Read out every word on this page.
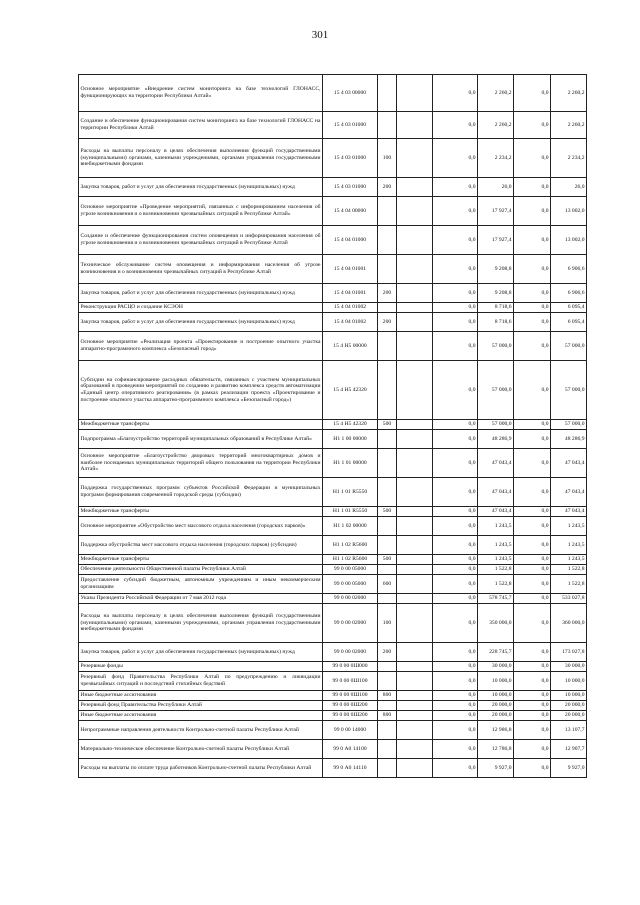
301
Основное мероприятие «Внедрение систем мониторинга на базе технологий ГЛОНАСС, функционирующих на территории Республики Алтай»	15 4 03 00000			0,0	2 260,2	0,0	2 260,2
Создание и обеспечение функционирования систем мониторинга на базе технологий ГЛОНАСС на территории Республики Алтай	15 4 03 01000			0,0	2 260,2	0,0	2 260,2
Расходы на выплаты персоналу в целях обеспечения выполнения функций государственными (муниципальными) органами, казенными учреждениями, органами управления государственными внебюджетными фондами	15 4 03 01000	100		0,0	2 234,2	0,0	2 234,2
Закупка товаров, работ и услуг для обеспечения государственных (муниципальных) нужд	15 4 03 01000	200		0,0	26,0	0,0	26,0
Основное мероприятие «Проведение мероприятий, связанных с информированием населения об угрозе возникновения и о возникновении чрезвычайных ситуаций в Республике Алтай»	15 4 04 00000			0,0	17 927,4	0,0	13 002,0
Создание и обеспечение функционирования систем оповещения и информирования населения об угрозе возникновения и о возникновении чрезвычайных ситуаций в Республике Алтай	15 4 04 01000			0,0	17 927,4	0,0	13 002,0
Техническое обслуживание систем оповещения и информирования населения об угрозе возникновения и о возникновении чрезвычайных ситуаций в Республике Алтай	15 4 04 01001			0,0	9 208,8	0,0	6 906,6
Закупка товаров, работ и услуг для обеспечения государственных (муниципальных) нужд	15 4 04 01001	200		0,0	9 208,8	0,0	6 906,6
Реконструкция РАСЦО и создание КСЭОН	15 4 04 01002			0,0	8 718,6	0,0	6 095,4
Закупка товаров, работ и услуг для обеспечения государственных (муниципальных) нужд	15 4 04 01002	200		0,0	8 718,6	0,0	6 095,4
Основное мероприятие «Реализация проекта «Проектирование и построение опытного участка аппаратно-программного комплекса «Безопасный город»	15 4 Н5 00000			0,0	57 000,0	0,0	57 000,0
Субсидии на софинансирование расходных обязательств, связанных с участием муниципальных образований в проведении мероприятий по созданию и развитию комплекса средств автоматизации «Единый центр оперативного реагирования» (в рамках реализации проекта «Проектирование и построение опытного участка аппаратно-программного комплекса «Безопасный город»)	15 4 Н5 42320			0,0	57 000,0	0,0	57 000,0
Межбюджетные трансферты	15 4 Н5 42320	500		0,0	57 000,0	0,0	57 000,0
Подпрограмма «Благоустройство территорий муниципальных образований в Республике Алтай»	Н1 1 00 00000			0,0	48 286,9	0,0	48 286,9
Основное мероприятие «Благоустройство дворовых территорий многоквартирных домов и наиболее посещаемых муниципальных территорий общего пользования на территории Республики Алтай»	Н1 1 01 00000			0,0	47 043,4	0,0	47 043,4
Поддержка государственных программ субъектов Российской Федерации и муниципальных программ формирования современной городской среды (субсидии)	Н1 1 01 R5550			0,0	47 043,4	0,0	47 043,4
Межбюджетные трансферты	Н1 1 01 R5550	500		0,0	47 043,4	0,0	47 043,4
Основное мероприятие «Обустройство мест массового отдыха населения (городских парков)»	Н1 1 02 00000			0,0	1 243,5	0,0	1 243,5
Поддержка обустройства мест массового отдыха населения (городских парков) (субсидии)	Н1 1 02 R5600			0,0	1 243,5	0,0	1 243,5
Межбюджетные трансферты	Н1 1 02 R5600	500		0,0	1 243,5	0,0	1 243,5
Обеспечение деятельности Общественной палаты Республики Алтай	99 0 00 05000			0,0	1 522,8	0,0	1 522,8
Предоставление субсидий бюджетным, автономным учреждениям и иным некоммерческим организациям	99 0 00 05000	600		0,0	1 522,8	0,0	1 522,8
Указы Президента Российской Федерации от 7 мая 2012 года	99 0 00 02000			0,0	578 745,7	0,0	533 027,8
Расходы на выплаты персоналу в целях обеспечения выполнения функций государственными (муниципальными) органами, казенными учреждениями, органами управления государственными внебюджетными фондами	99 0 00 02000	100		0,0	350 000,0	0,0	360 000,0
Закупка товаров, работ и услуг для обеспечения государственных (муниципальных) нужд	99 0 00 02000	200		0,0	228 745,7	0,0	173 027,8
Резервные фонды	99 0 00 0Ш000			0,0	30 000,0	0,0	30 000,0
Резервный фонд Правительства Республики Алтай по предупреждению и ликвидации чрезвычайных ситуаций и последствий стихийных бедствий	99 0 00 0Ш100			0,0	10 000,0	0,0	10 000,0
Иные бюджетные ассигнования	99 0 00 0Ш100	800		0,0	10 000,0	0,0	10 000,0
Резервный фонд Правительства Республики Алтай	99 0 00 0Ш200			0,0	20 000,0	0,0	20 000,0
Иные бюджетные ассигнования	99 0 00 0Ш200	800		0,0	20 000,0	0,0	20 000,0
Непрограммные направления деятельности Контрольно-счетной палаты Республики Алтай	99 0 00 14000			0,0	12 986,8	0,0	13 107,7
Материально-техническое обеспечение Контрольно-счетной палаты Республики Алтай	99 0 А0 14100			0,0	12 786,8	0,0	12 907,7
Расходы на выплаты по оплате труда работников Контрольно-счетной палаты Республики Алтай	99 0 А0 14110			0,0	9 927,0	0,0	9 927,0
